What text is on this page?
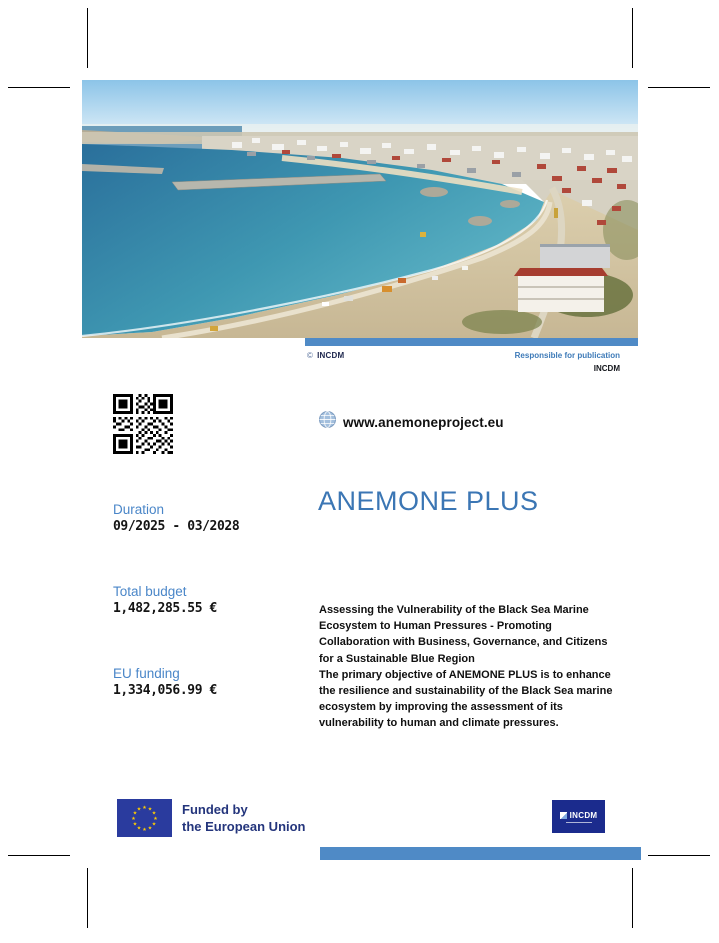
© INCDM	Responsible for publication
INCDM
www.anemoneproject.eu
ANEMONE PLUS
Duration
09/2025 - 03/2028
Total budget
1,482,285.55 €
EU funding
1,334,056.99 €

Assessing the Vulnerability of the Black Sea Marine Ecosystem to Human Pressures - Promoting Collaboration with Business, Governance, and Citizens for a Sustainable Blue Region

The primary objective of ANEMONE PLUS is to enhance the resilience and sustainability of the Black Sea marine ecosystem by improving the assessment of its vulnerability to human and climate pressures.

★ ★
★
★
★
★
★
★
★
★
★
★	Funded by
the European Union
INCDM
